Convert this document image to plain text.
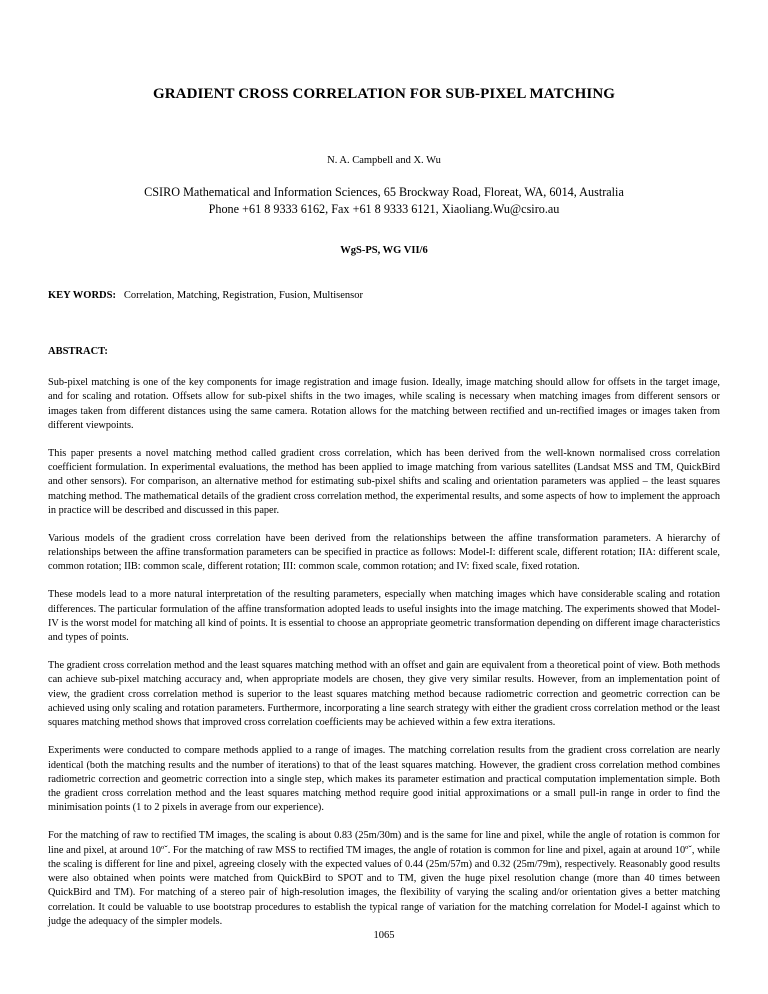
GRADIENT CROSS CORRELATION FOR SUB-PIXEL MATCHING
N. A. Campbell and X. Wu
CSIRO Mathematical and Information Sciences, 65 Brockway Road, Floreat, WA, 6014, Australia
Phone +61 8 9333 6162, Fax +61 8 9333 6121, Xiaoliang.Wu@csiro.au
WgS-PS, WG VII/6
KEY WORDS: Correlation, Matching, Registration, Fusion, Multisensor
ABSTRACT:

Sub-pixel matching is one of the key components for image registration and image fusion. Ideally, image matching should allow for offsets in the target image, and for scaling and rotation. Offsets allow for sub-pixel shifts in the two images, while scaling is necessary when matching images from different sensors or images taken from different distances using the same camera. Rotation allows for the matching between rectified and un-rectified images or images taken from different viewpoints.

This paper presents a novel matching method called gradient cross correlation, which has been derived from the well-known normalised cross correlation coefficient formulation. In experimental evaluations, the method has been applied to image matching from various satellites (Landsat MSS and TM, QuickBird and other sensors). For comparison, an alternative method for estimating sub-pixel shifts and scaling and orientation parameters was applied – the least squares matching method. The mathematical details of the gradient cross correlation method, the experimental results, and some aspects of how to implement the approach in practice will be described and discussed in this paper.

Various models of the gradient cross correlation have been derived from the relationships between the affine transformation parameters. A hierarchy of relationships between the affine transformation parameters can be specified in practice as follows: Model-I: different scale, different rotation; IIA: different scale, common rotation; IIB: common scale, different rotation; III: common scale, common rotation; and IV: fixed scale, fixed rotation.

These models lead to a more natural interpretation of the resulting parameters, especially when matching images which have considerable scaling and rotation differences. The particular formulation of the affine transformation adopted leads to useful insights into the image matching. The experiments showed that Model-IV is the worst model for matching all kind of points. It is essential to choose an appropriate geometric transformation depending on different image characteristics and types of points.

The gradient cross correlation method and the least squares matching method with an offset and gain are equivalent from a theoretical point of view. Both methods can achieve sub-pixel matching accuracy and, when appropriate models are chosen, they give very similar results. However, from an implementation point of view, the gradient cross correlation method is superior to the least squares matching method because radiometric correction and geometric correction can be achieved using only scaling and rotation parameters. Furthermore, incorporating a line search strategy with either the gradient cross correlation method or the least squares matching method shows that improved cross correlation coefficients may be achieved within a few extra iterations.

Experiments were conducted to compare methods applied to a range of images. The matching correlation results from the gradient cross correlation are nearly identical (both the matching results and the number of iterations) to that of the least squares matching. However, the gradient cross correlation method combines radiometric correction and geometric correction into a single step, which makes its parameter estimation and practical computation implementation simple. Both the gradient cross correlation method and the least squares matching method require good initial approximations or a small pull-in range in order to find the minimisation points (1 to 2 pixels in average from our experience).

For the matching of raw to rectified TM images, the scaling is about 0.83 (25m/30m) and is the same for line and pixel, while the angle of rotation is common for line and pixel, at around 10ºˇ. For the matching of raw MSS to rectified TM images, the angle of rotation is common for line and pixel, again at around 10ºˇ, while the scaling is different for line and pixel, agreeing closely with the expected values of 0.44 (25m/57m) and 0.32 (25m/79m), respectively. Reasonably good results were also obtained when points were matched from QuickBird to SPOT and to TM, given the huge pixel resolution change (more than 40 times between QuickBird and TM). For matching of a stereo pair of high-resolution images, the flexibility of varying the scaling and/or orientation gives a better matching correlation. It could be valuable to use bootstrap procedures to establish the typical range of variation for the matching correlation for Model-I against which to judge the adequacy of the simpler models.

1065
